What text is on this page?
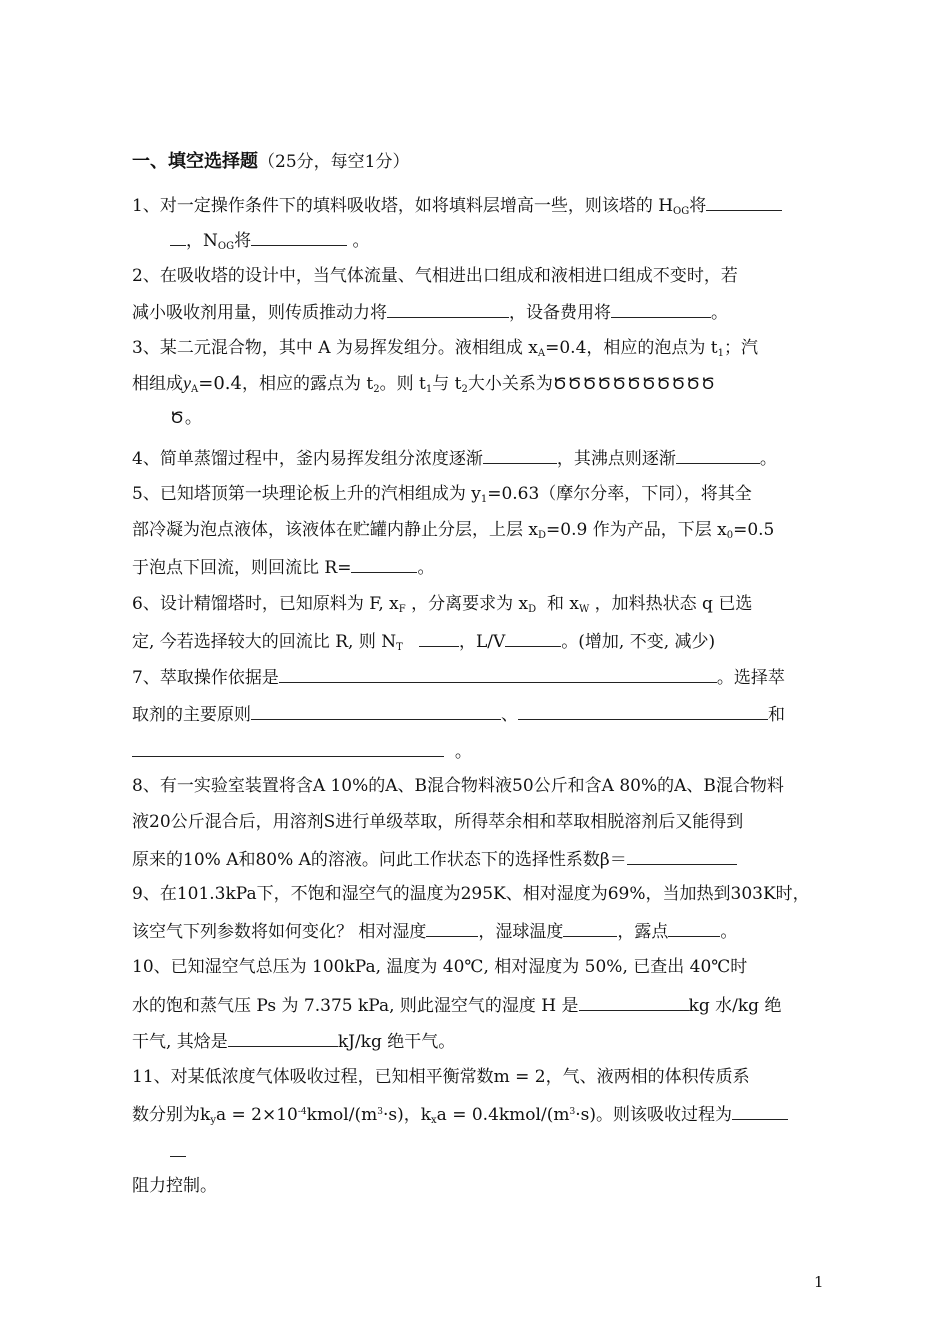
一、填空选择题（25分，每空1分）
1、对一定操作条件下的填料吸收塔，如将填料层增高一些，则该塔的 $H_{OG}$将
，$N_{OG}$将	。
2、在吸收塔的设计中，当气体流量、气相进出口组成和液相进口组成不变时，若
减小吸收剂用量，则传质推动力将	，设备费用将	。
3、某二元混合物，其中 A 为易挥发组分。液相组成 $x_A=0.4$，相应的泡点为 $t_1$；汽
相组成$y_A=0.4$，相应的露点为 $t_2$。则 $t_1$与 $t_2$大小关系为ԾԾԾԾԾԾԾԾԾԾԾ
Ծ。
4、简单蒸馏过程中，釜内易挥发组分浓度逐渐	，其沸点则逐渐	。
5、已知塔顶第一块理论板上升的汽相组成为 $y_1=0.63$（摩尔分率，下同），将其全
部冷凝为泡点液体，该液体在贮罐内静止分层，上层 $x_D=0.9$ 作为产品，下层 $x_0=0.5$
于泡点下回流，则回流比 R=	。
6、设计精馏塔时，已知原料为 F, $x_F$ ，分离要求为 $x_D$ 和 $x_W$ ，加料热状态 q 已选
定, 今若选择较大的回流比 R, 则 $N_T$	，L/V	。(增加, 不变, 减少)
7、萃取操作依据是	。选择萃
取剂的主要原则	、	和
。
8、有一实验室装置将含A 10%的A、B混合物料液50公斤和含A 80%的A、B混合物料
液20公斤混合后，用溶剂S进行单级萃取，所得萃余相和萃取相脱溶剂后又能得到
原来的10% A和80% A的溶液。问此工作状态下的选择性系数β＝
9、在101.3kPa下，不饱和湿空气的温度为295K、相对湿度为69%，当加热到303K时，
该空气下列参数将如何变化？ 相对湿度	，湿球温度	，露点	。
10、已知湿空气总压为 100kPa, 温度为 40℃, 相对湿度为 50%, 已查出 40℃时
水的饱和蒸气压 Ps 为 7.375 kPa, 则此湿空气的湿度 H 是	kg 水/kg 绝
干气, 其焓是	kJ/kg 绝干气。
11、对某低浓度气体吸收过程，已知相平衡常数m = 2，气、液两相的体积传质系
数分别为$k_ya$ = $2\times 10^{-4}kmol/(m^3\cdot s)$，$k_xa$ = $0.4kmol/(m^3\cdot s)$。则该吸收过程为
阻力控制。
1
